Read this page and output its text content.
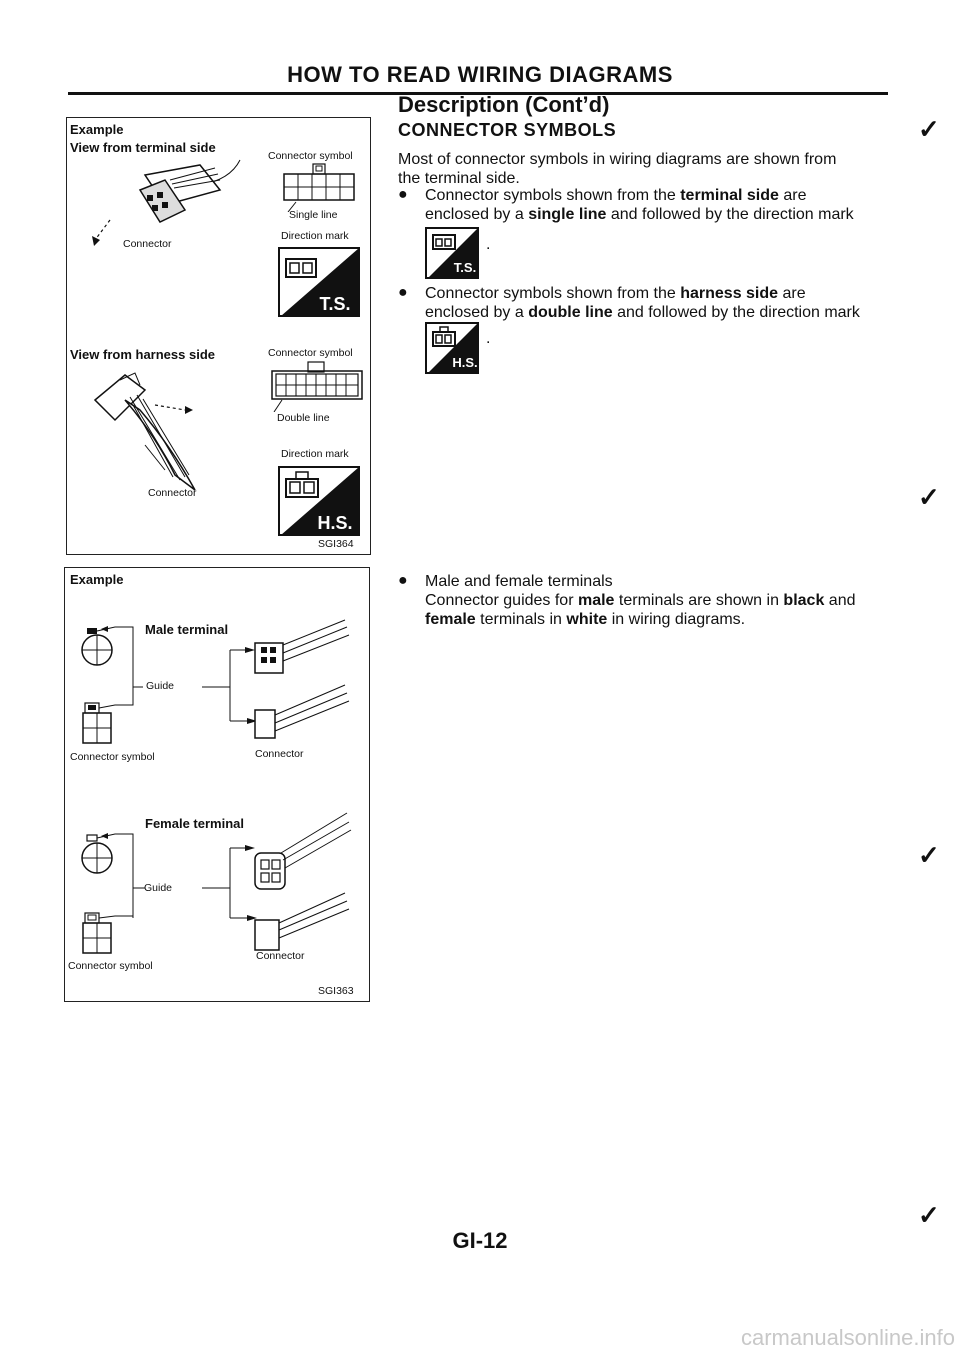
HOW TO READ WIRING DIAGRAMS
Description (Cont’d)
CONNECTOR SYMBOLS
Most of connector symbols in wiring diagrams are shown from
the terminal side.
● Connector symbols shown from the terminal side are
enclosed by a single line and followed by the direction mark
T.S.
.
● Connector symbols shown from the harness side are
enclosed by a double line and followed by the direction mark
H.S.
.
● Male and female terminals
Connector guides for male terminals are shown in black and
female terminals in white in wiring diagrams.
Example
View from terminal side
Connector symbol
Connector
Single line
Direction mark
T.S.
View from harness side	Connector symbol
Connector
Double line
Direction mark
H.S.
SGI364
Example
Male terminal
Guide
Connector symbol	Connector
Female terminal
Guide
Connector symbol
Connector
SGI363
✓
✓
✓
✓
GI-12
carmanualsonline.info
